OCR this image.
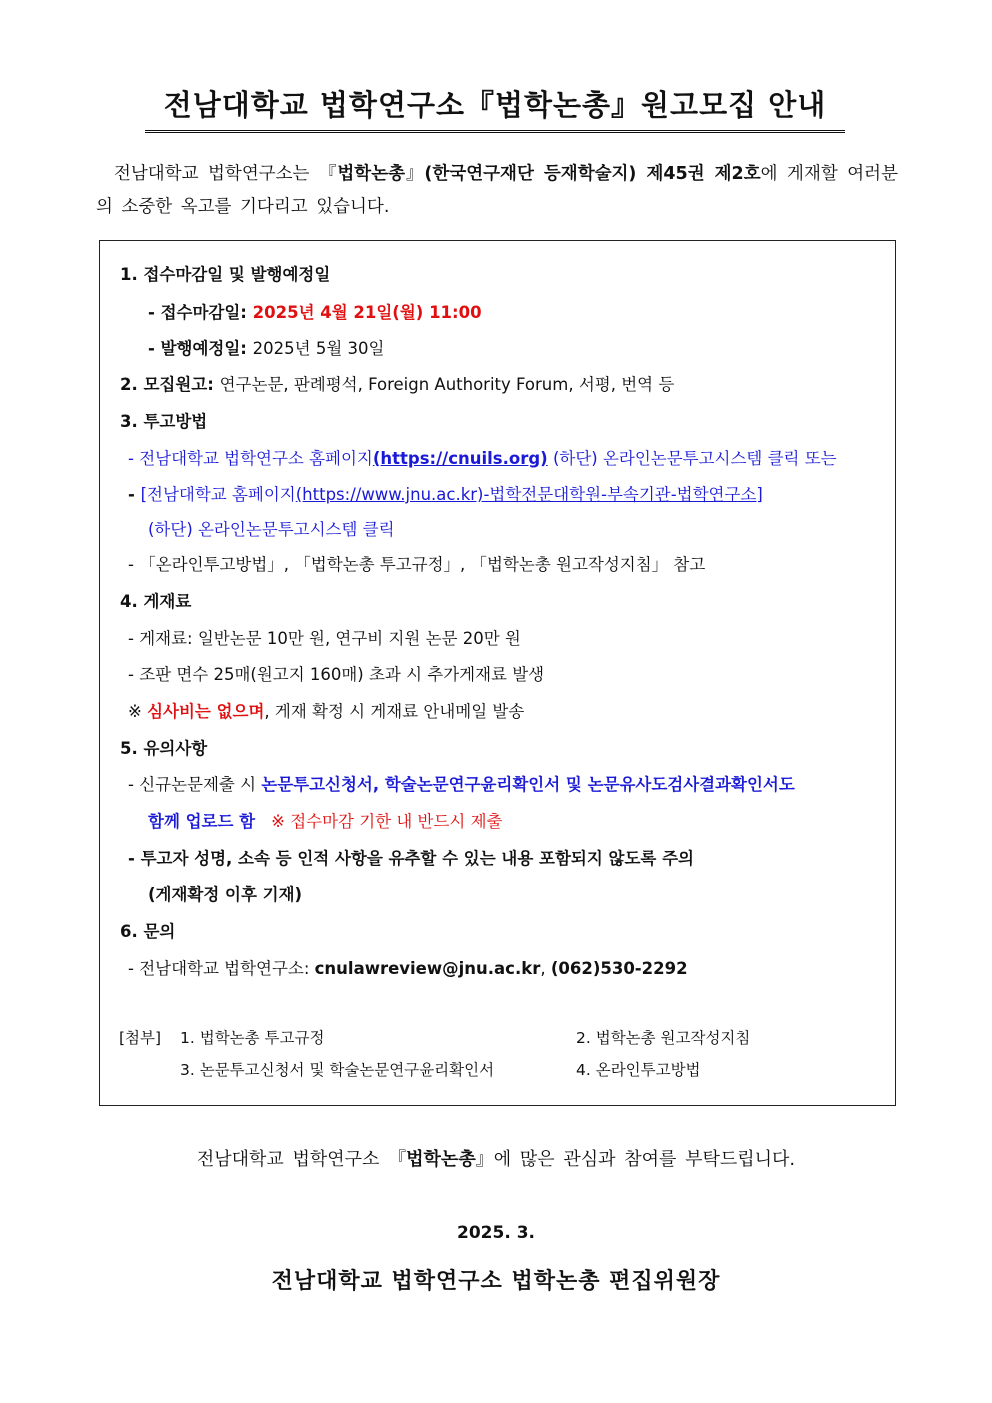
전남대학교 법학연구소『법학논총』원고모집 안내
전남대학교 법학연구소는 『법학논총』(한국연구재단 등재학술지) 제45권 제2호에 게재할 여러분의 소중한 옥고를 기다리고 있습니다.
1. 접수마감일 및 발행예정일
- 접수마감일: 2025년 4월 21일(월) 11:00
- 발행예정일: 2025년 5월 30일
2. 모집원고: 연구논문, 판례평석, Foreign Authority Forum, 서평, 번역 등
3. 투고방법
- 전남대학교 법학연구소 홈페이지(https://cnuils.org) (하단) 온라인논문투고시스템 클릭 또는
- [전남대학교 홈페이지(https://www.jnu.ac.kr)-법학전문대학원-부속기관-법학연구소]
(하단) 온라인논문투고시스템 클릭
- 「온라인투고방법」, 「법학논총 투고규정」, 「법학논총 원고작성지침」 참고
4. 게재료
- 게재료: 일반논문 10만 원, 연구비 지원 논문 20만 원
- 조판 면수 25매(원고지 160매) 초과 시 추가게재료 발생
※ 심사비는 없으며, 게재 확정 시 게재료 안내메일 발송
5. 유의사항
- 신규논문제출 시 논문투고신청서, 학술논문연구윤리확인서 및 논문유사도검사결과확인서도
함께 업로드 함 ※ 접수마감 기한 내 반드시 제출
- 투고자 성명, 소속 등 인적 사항을 유추할 수 있는 내용 포함되지 않도록 주의
(게재확정 이후 기재)
6. 문의
- 전남대학교 법학연구소: cnulawreview@jnu.ac.kr, (062)530-2292
[첨부] 1. 법학논총 투고규정	2. 법학논총 원고작성지침
3. 논문투고신청서 및 학술논문연구윤리확인서	4. 온라인투고방법
전남대학교 법학연구소 『법학논총』에 많은 관심과 참여를 부탁드립니다.
2025. 3.
전남대학교 법학연구소 법학논총 편집위원장
